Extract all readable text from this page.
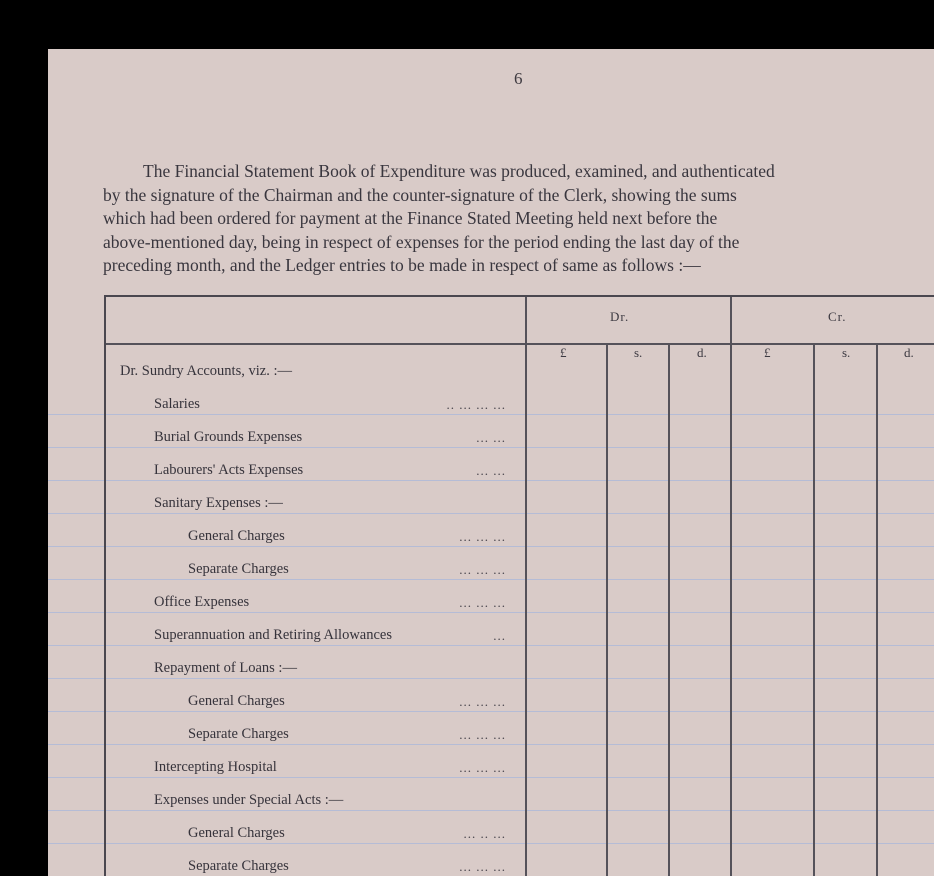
6
The Financial Statement Book of Expenditure was produced, examined, and authenticated
by the signature of the Chairman and the counter-signature of the Clerk, showing the sums
which had been ordered for payment at the Finance Stated Meeting held next before the
above-mentioned day, being in respect of expenses for the period ending the last day of the
preceding month, and the Ledger entries to be made in respect of same as follows :—
Dr.	Cr.
£	s.	d.	£	s.	d.
Dr. Sundry Accounts, viz. :—
Salaries	.. ... ... ...
Burial Grounds Expenses	... ...
Labourers' Acts Expenses	... ...
Sanitary Expenses :—
General Charges	... ... ...
Separate Charges	... ... ...
Office Expenses	... ... ...
Superannuation and Retiring Allowances	...
Repayment of Loans :—
General Charges	... ... ...
Separate Charges	... ... ...
Intercepting Hospital	... ... ...
Expenses under Special Acts :—
General Charges	... .. ...
Separate Charges	... ... ...
